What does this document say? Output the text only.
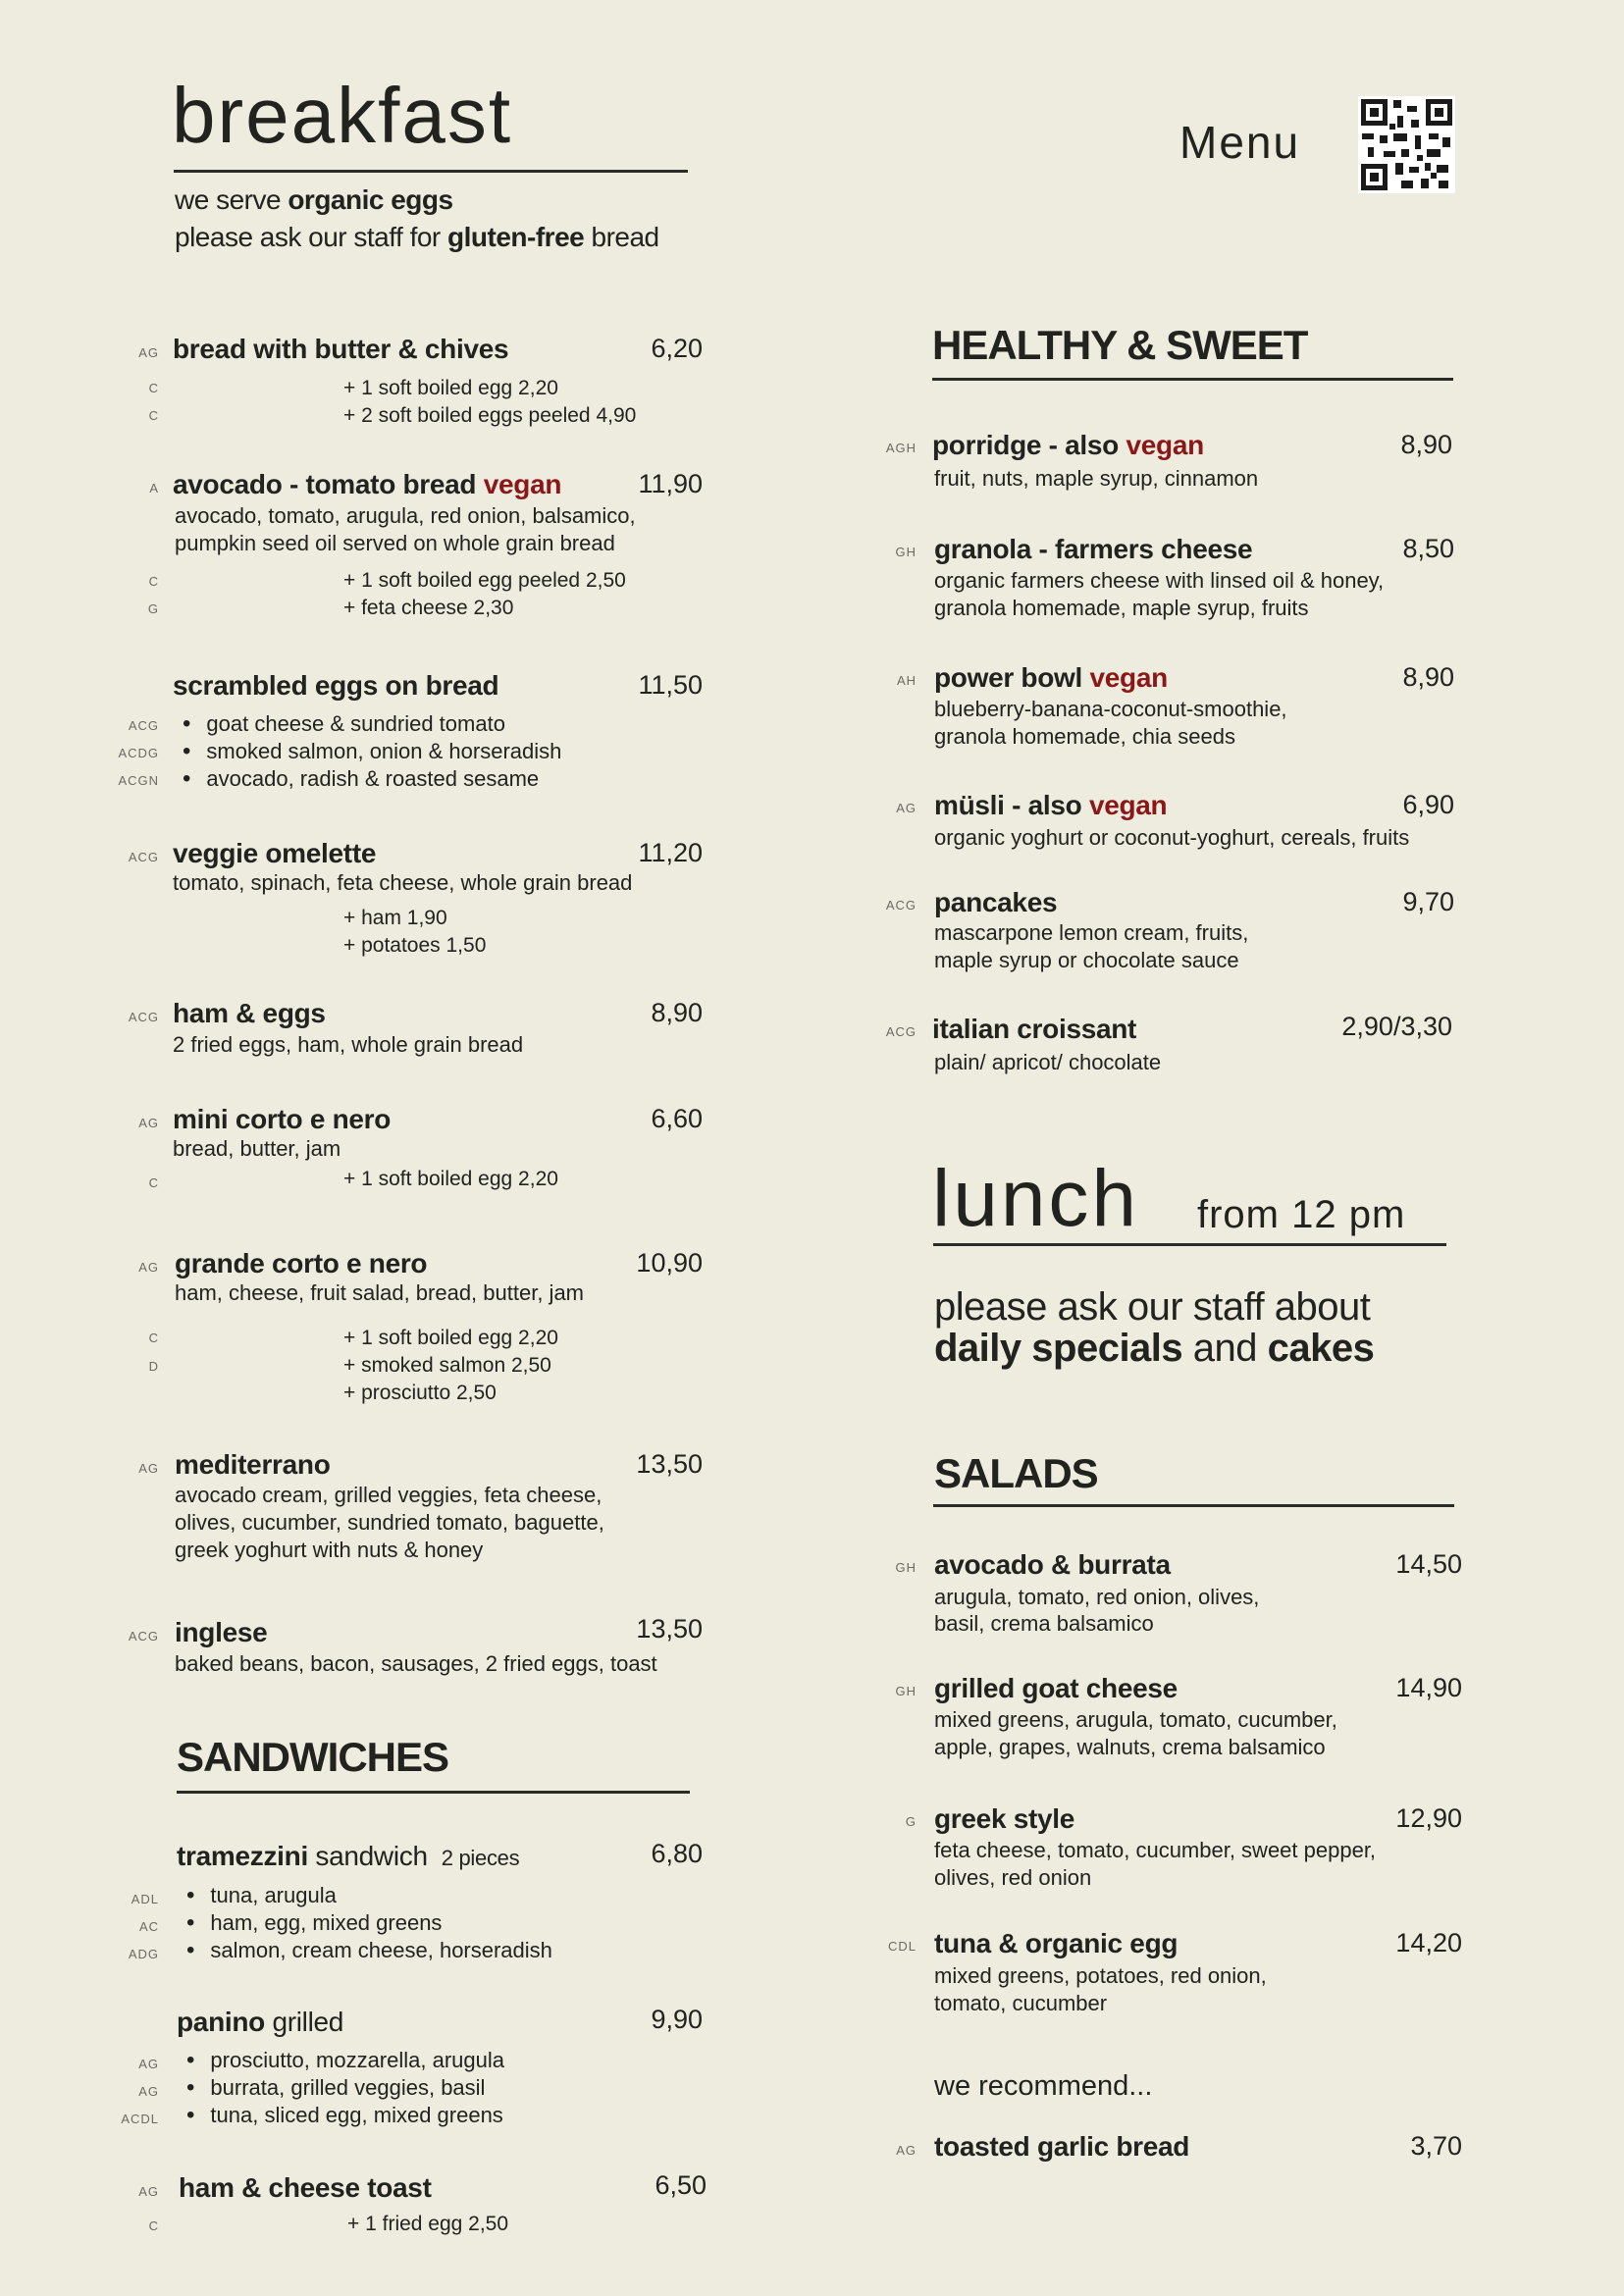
breakfast
we serve organic eggs
please ask our staff for gluten-free bread
Menu
AG bread with butter & chives	6,20
C	+ 1 soft boiled egg 2,20
C	+ 2 soft boiled eggs peeled 4,90
A avocado - tomato bread vegan	11,90
avocado, tomato, arugula, red onion, balsamico,
pumpkin seed oil served on whole grain bread
C	+ 1 soft boiled egg peeled 2,50
G	+ feta cheese 2,30
scrambled eggs on bread	11,50
ACG	• goat cheese & sundried tomato
ACDG	• smoked salmon, onion & horseradish
ACGN	• avocado, radish & roasted sesame
ACG veggie omelette	11,20
tomato, spinach, feta cheese, whole grain bread
+ ham 1,90
+ potatoes 1,50
ACG ham & eggs	8,90
2 fried eggs, ham, whole grain bread
AG mini corto e nero	6,60
bread, butter, jam
C	+ 1 soft boiled egg 2,20
AG grande corto e nero	10,90
ham, cheese, fruit salad, bread, butter, jam
C	+ 1 soft boiled egg 2,20
D	+ smoked salmon 2,50
+ prosciutto 2,50
AG mediterrano	13,50
avocado cream, grilled veggies, feta cheese,
olives, cucumber, sundried tomato, baguette,
greek yoghurt with nuts & honey
ACG inglese	13,50
baked beans, bacon, sausages, 2 fried eggs, toast
SANDWICHES
tramezzini sandwich 2 pieces	6,80
ADL	• tuna, arugula
AC	• ham, egg, mixed greens
ADG	• salmon, cream cheese, horseradish
panino grilled	9,90
AG	• prosciutto, mozzarella, arugula
AG	• burrata, grilled veggies, basil
ACDL	• tuna, sliced egg, mixed greens
AG ham & cheese toast	6,50
C	+ 1 fried egg 2,50
HEALTHY & SWEET
AGH porridge - also vegan	8,90
fruit, nuts, maple syrup, cinnamon
GH granola - farmers cheese	8,50
organic farmers cheese with linsed oil & honey,
granola homemade, maple syrup, fruits
AH power bowl vegan	8,90
blueberry-banana-coconut-smoothie,
granola homemade, chia seeds
AG müsli - also vegan	6,90
organic yoghurt or coconut-yoghurt, cereals, fruits
ACG pancakes	9,70
mascarpone lemon cream, fruits,
maple syrup or chocolate sauce
ACG italian croissant	2,90/3,30
plain/ apricot/ chocolate
lunch from 12 pm
please ask our staff about
daily specials and cakes
SALADS
GH avocado & burrata	14,50
arugula, tomato, red onion, olives,
basil, crema balsamico
GH grilled goat cheese	14,90
mixed greens, arugula, tomato, cucumber,
apple, grapes, walnuts, crema balsamico
G greek style	12,90
feta cheese, tomato, cucumber, sweet pepper,
olives, red onion
CDL tuna & organic egg	14,20
mixed greens, potatoes, red onion,
tomato, cucumber
we recommend...
AG toasted garlic bread	3,70
